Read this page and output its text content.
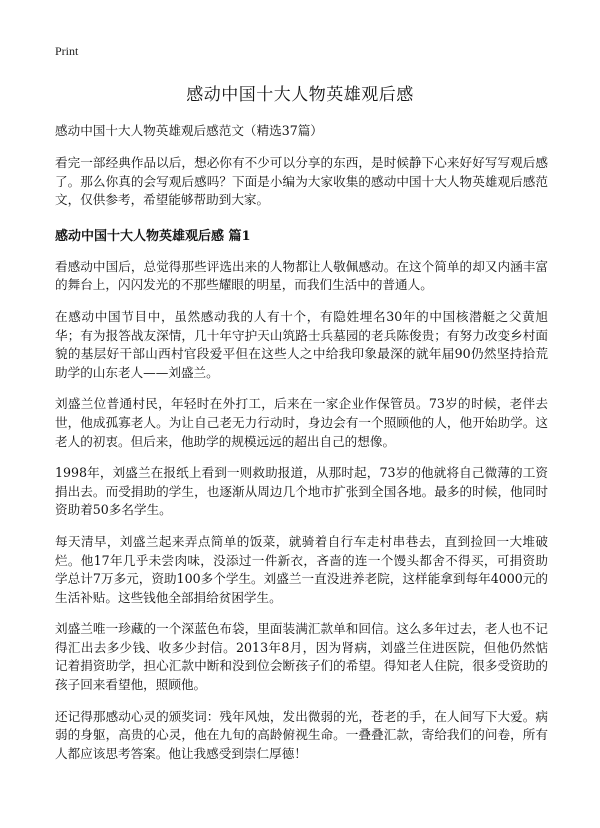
Print
感动中国十大人物英雄观后感
感动中国十大人物英雄观后感范文（精选37篇）

看完一部经典作品以后，想必你有不少可以分享的东西，是时候静下心来好好写写观后感了。那么你真的会写观后感吗？下面是小编为大家收集的感动中国十大人物英雄观后感范文，仅供参考，希望能够帮助到大家。

感动中国十大人物英雄观后感 篇1

看感动中国后，总觉得那些评选出来的人物都让人敬佩感动。在这个简单的却又内涵丰富的舞台上，闪闪发光的不那些耀眼的明星，而我们生活中的普通人。

在感动中国节目中，虽然感动我的人有十个，有隐姓埋名30年的中国核潜艇之父黄旭华；有为报答战友深情，几十年守护天山筑路士兵墓园的老兵陈俊贵；有努力改变乡村面貌的基层好干部山西村官段爱平但在这些人之中给我印象最深的就年届90仍然坚持拾荒助学的山东老人——刘盛兰。

刘盛兰位普通村民，年轻时在外打工，后来在一家企业作保管员。73岁的时候，老伴去世，他成孤寡老人。为让自己老无力行动时，身边会有一个照顾他的人，他开始助学。这老人的初衷。但后来，他助学的规模远远的超出自己的想像。

1998年，刘盛兰在报纸上看到一则救助报道，从那时起，73岁的他就将自己微薄的工资捐出去。而受捐助的学生，也逐渐从周边几个地市扩张到全国各地。最多的时候，他同时资助着50多名学生。

每天清早，刘盛兰起来弄点简单的饭菜，就骑着自行车走村串巷去，直到捡回一大堆破烂。他17年几乎未尝肉味，没添过一件新衣，吝啬的连一个馒头都舍不得买，可捐资助学总计7万多元，资助100多个学生。刘盛兰一直没进养老院，这样能拿到每年4000元的生活补贴。这些钱他全部捐给贫困学生。

刘盛兰唯一珍藏的一个深蓝色布袋，里面装满汇款单和回信。这么多年过去，老人也不记得汇出去多少钱、收多少封信。2013年8月，因为肾病，刘盛兰住进医院，但他仍然惦记着捐资助学，担心汇款中断和没到位会断孩子们的希望。得知老人住院，很多受资助的孩子回来看望他，照顾他。

还记得那感动心灵的颁奖词：残年风烛，发出微弱的光，苍老的手，在人间写下大爱。病弱的身躯，高贵的心灵，他在九旬的高龄俯视生命。一叠叠汇款，寄给我们的问卷，所有人都应该思考答案。他让我感受到崇仁厚德！
